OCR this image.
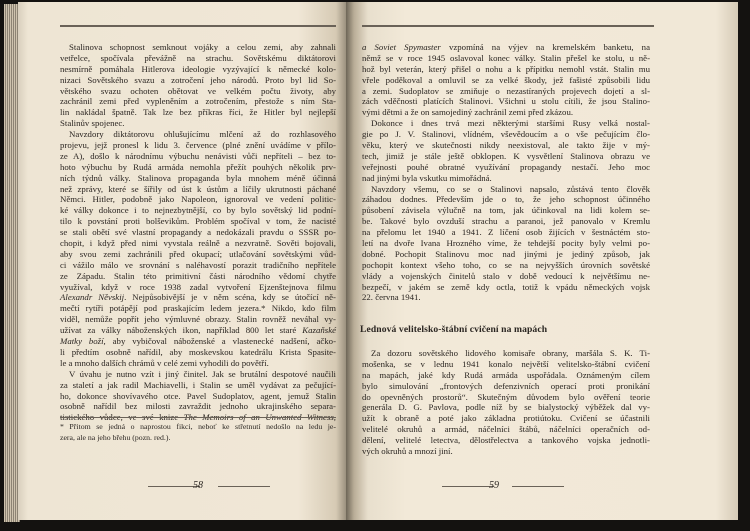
Stalinova schopnost semknout vojáky a celou zemi, aby zahnali
vetřelce, spočívala převážně na strachu. Sovětskému diktátorovi
nesmírně pomáhala Hitlerova ideologie vyzývající k německé kolo-
nizaci Sovětského svazu a zotročení jeho národů. Proto byl lid So-
větského svazu ochoten obětovat ve velkém počtu životy, aby
zachránil zemi před vypleněním a zotročením, přestože s ním Sta-
lin nakládal špatně. Tak lze bez příkras říci, že Hitler byl nejlepší
Stalinův spojenec.
Navzdory diktátorovu ohlušujícímu mlčení až do rozhlasového
projevu, jejž pronesl k lidu 3. července (plné znění uvádíme v přílo-
ze A), došlo k národnímu výbuchu nenávisti vůči nepříteli – bez to-
hoto výbuchu by Rudá armáda nemohla přežít pouhých několik prv-
ních týdnů války. Stalinova propaganda byla mnohem méně účinná
než zprávy, které se šířily od úst k ústům a líčily ukrutnosti páchané
Němci. Hitler, podobně jako Napoleon, ignoroval ve vedení politic-
ké války dokonce i to nejnezbytnější, co by bylo sovětský lid podní-
tilo k povstání proti bolševikům. Problém spočíval v tom, že nacisté
se stali obětí své vlastní propagandy a nedokázali pravdu o SSSR po-
chopit, i když před nimi vyvstala reálně a nezvratně. Sověti bojovali,
aby svou zemi zachránili před okupací; utlačování sovětskými vůd-
ci vážilo málo ve srovnání s naléhavostí porazit tradičního nepřítele
ze Západu. Stalin této primitivní části národního vědomí chytře
využíval, když v roce 1938 zadal vytvoření Ejzenštejnova filmu
Alexandr Něvskij. Nejpůsobivější je v něm scéna, kdy se útočící ně-
mečtí rytíři potápějí pod praskajícím ledem jezera.* Nikdo, kdo film
viděl, nemůže popřít jeho výmluvné obrazy. Stalin rovněž neváhal vy-
užívat za války náboženských ikon, například 800 let staré Kazaňské
Matky boží, aby vybičoval náboženské a vlastenecké nadšení, ačko-
li předtím osobně nařídil, aby moskevskou katedrálu Krista Spasite-
le a mnoho dalších chrámů v celé zemi vyhodili do povětří.
V úvahu je nutno vzít i jiný činitel. Jak se brutální despotové naučili
za staletí a jak radil Machiavelli, i Stalin se uměl vydávat za pečující-
ho, dokonce shovívavého otce. Pavel Sudoplatov, agent, jemuž Stalin
osobně nařídil bez milosti zavraždit jednoho ukrajinského separa-
* Přitom se jedná o naprostou fikci, neboť ke střetnutí nedošlo na ledu je-
zera, ale na jeho břehu (pozn. red.).
58
a Soviet Spymaster vzpomíná na výjev na kremelském banketu, na
němž se v roce 1945 oslavoval konec války. Stalin přešel ke stolu, u ně-
hož byl veterán, který přišel o nohu a k přípitku nemohl vstát. Stalin mu
vřele poděkoval a omluvil se za velké škody, jež fašisté způsobili lidu
a zemi. Sudoplatov se zmiňuje o nezastíraných projevech dojetí a sl-
zách vděčnosti platících Stalinovi. Všichni u stolu cítili, že jsou Stalino-
vými dětmi a že on samojediný zachránil zemi před zkázou.
Dokonce i dnes trvá mezi některými staršími Rusy velká nostal-
gie po J. V. Stalinovi, vlídném, vševědoucím a o vše pečujícím člo-
věku, který ve skutečnosti nikdy neexistoval, ale takto žije v mý-
tech, jimiž je stále ještě obklopen. K vysvětlení Stalinova obrazu ve
veřejnosti pouhé obratné využívání propagandy nestačí. Jeho moc
nad jinými byla vskutku mimořádná.
Navzdory všemu, co se o Stalinovi napsalo, zůstává tento člověk
záhadou dodnes. Především jde o to, že jeho schopnost účinného
působení závisela výlučně na tom, jak účinkoval na lidi kolem se-
be. Takové bylo ovzduší strachu a paranoi, jež panovalo v Kremlu
na přelomu let 1940 a 1941. Z líčení osob žijících v šestnáctém sto-
letí na dvoře Ivana Hrozného víme, že tehdejší pocity byly velmi po-
dobné. Pochopit Stalinovu moc nad jinými je jediný způsob, jak
pochopit kontext všeho toho, co se na nejvyšších úrovních sovětské
vlády a vojenských činitelů stalo v době vedoucí k největšímu ne-
bezpečí, v jakém se země kdy octla, totiž k vpádu německých vojsk
22. června 1941.
Lednová velitelsko-štábní cvičení na mapách
Za dozoru sovětského lidového komisaře obrany, maršála S. K. Ti-
mošenka, se v lednu 1941 konalo největší velitelsko-štábní cvičení
na mapách, jaké kdy Rudá armáda uspořádala. Oznámeným cílem
bylo simulování „frontových defenzivních operací proti pronikání
do opevněných prostorů“. Skutečným důvodem bylo ověření teorie
generála D. G. Pavlova, podle níž by se bialystocký výběžek dal vy-
užít k obraně a poté jako základna protiútoku. Cvičení se účastnili
velitelé okruhů a armád, náčelníci štábů, náčelníci operačních od-
dělení, velitelé letectva, dělostřelectva a tankového vojska jednotli-
vých okruhů a mnozí jiní.
59
